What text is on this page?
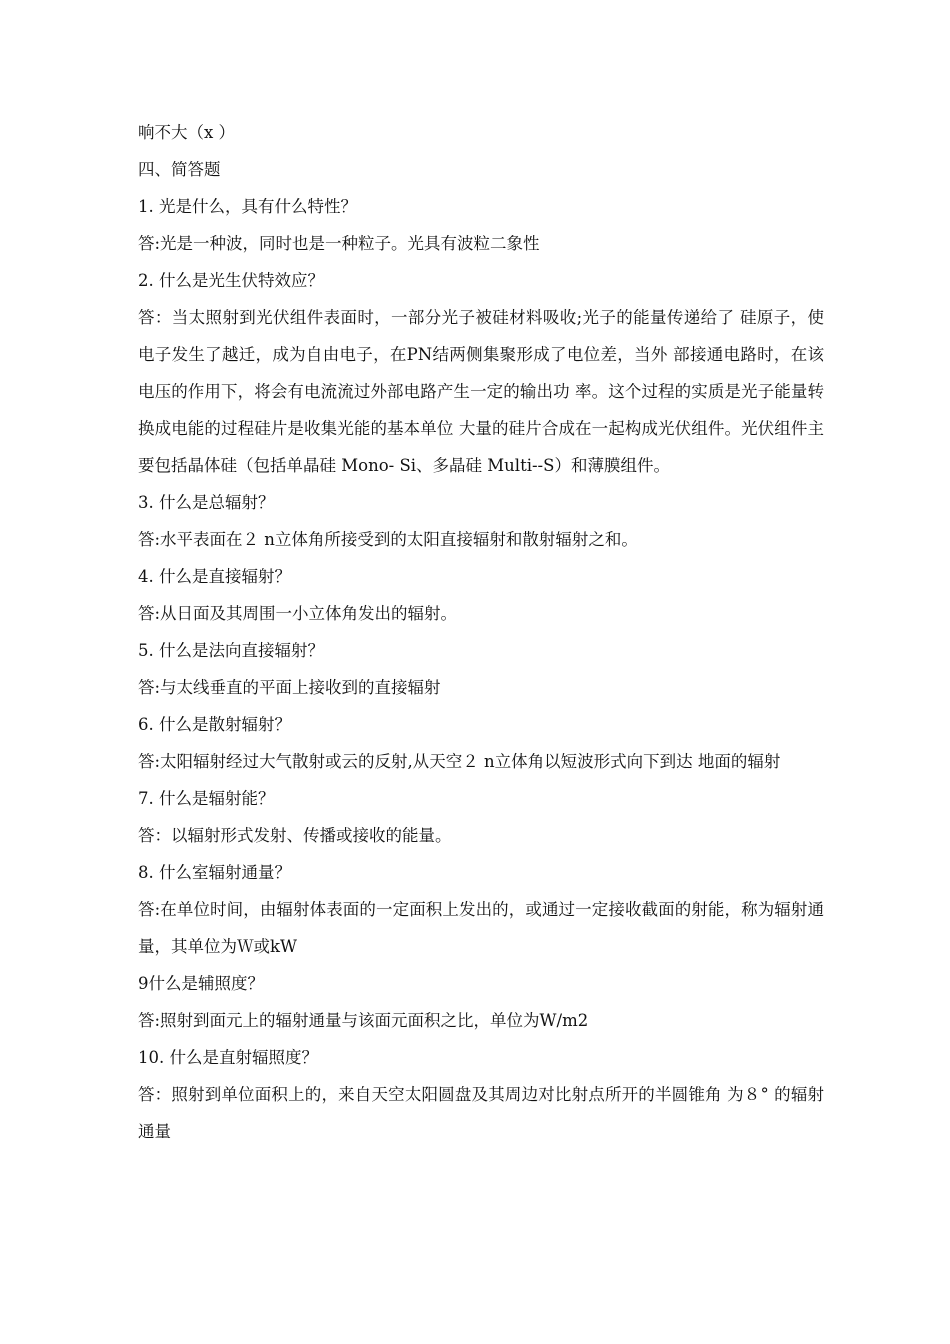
响不大（x ）

四、简答题

1. 光是什么，具有什么特性？

答:光是一种波，同时也是一种粒子。光具有波粒二象性

2. 什么是光生伏特效应？

答：当太照射到光伏组件表面时，一部分光子被硅材料吸收;光子的能量传递给了 硅原子，使电子发生了越迁，成为自由电子，在PN结两侧集聚形成了电位差，当外 部接通电路时，在该电压的作用下，将会有电流流过外部电路产生一定的输出功 率。这个过程的实质是光子能量转换成电能的过程硅片是收集光能的基本单位 大量的硅片合成在一起构成光伏组件。光伏组件主要包括晶体硅（包括单晶硅 Mono- Si、多晶硅 Multi--S）和薄膜组件。

3. 什么是总辐射？

答:水平表面在２ n立体角所接受到的太阳直接辐射和散射辐射之和。

4. 什么是直接辐射？

答:从日面及其周围一小立体角发出的辐射。

5. 什么是法向直接辐射？

答:与太线垂直的平面上接收到的直接辐射

6. 什么是散射辐射？

答:太阳辐射经过大气散射或云的反射,从天空２ n立体角以短波形式向下到达 地面的辐射

7. 什么是辐射能？

答：以辐射形式发射、传播或接收的能量。

8. 什么室辐射通量？

答:在单位时间，由辐射体表面的一定面积上发出的，或通过一定接收截面的射能，称为辐射通量，其单位为Ｗ或kW

9什么是辅照度？

答:照射到面元上的辐射通量与该面元面积之比，单位为W/m2

10. 什么是直射辐照度？

答：照射到单位面积上的，来自天空太阳圆盘及其周边对比射点所开的半圆锥角 为８° 的辐射通量
